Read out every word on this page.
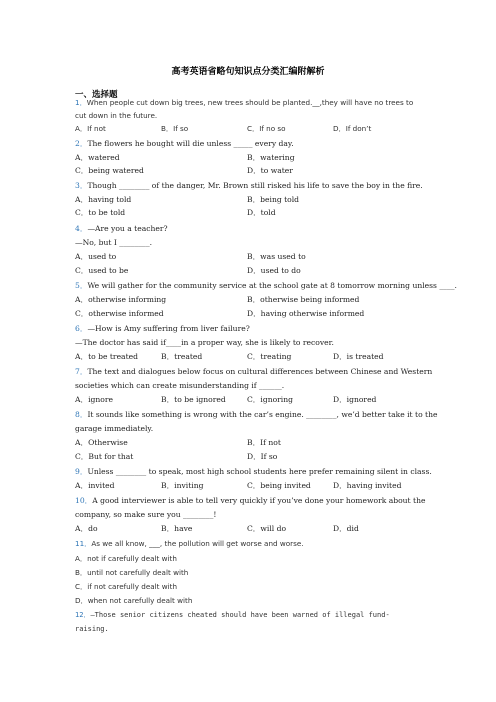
高考英语省略句知识点分类汇编附解析
一、选择题
1．When people cut down big trees, new trees should be planted.__,they will have no trees to
cut down in the future.
A．If not	B．If so	C．If no so	D．If don’t
2．The flowers he bought will die unless _____ every day.
A．watered	B．watering
C．being watered	D．to water
3．Though ________ of the danger, Mr. Brown still risked his life to save the boy in the fire.
A．having told	B．being told
C．to be told	D．told
4．—Are you a teacher?
—No, but I ________.
A．used to	B．was used to
C．used to be	D．used to do
5．We will gather for the community service at the school gate at 8 tomorrow morning unless ____.
A．otherwise informing	B．otherwise being informed
C．otherwise informed	D．having otherwise informed
6．—How is Amy suffering from liver failure?
—The doctor has said if____in a proper way, she is likely to recover.
A．to be treated	B．treated	C．treating	D．is treated
7．The text and dialogues below focus on cultural differences between Chinese and Western
societies which can create misunderstanding if ______.
A．ignore	B．to be ignored	C．ignoring	D．ignored
8．It sounds like something is wrong with the car’s engine. ________, we’d better take it to the
garage immediately.
A．Otherwise	B．If not
C．But for that	D．If so
9．Unless ________ to speak, most high school students here prefer remaining silent in class.
A．invited	B．inviting	C．being invited	D．having invited
10．A good interviewer is able to tell very quickly if you’ve done your homework about the
company, so make sure you ________!
A．do	B．have	C．will do	D．did
11．As we all know, ___, the pollution will get worse and worse.
A．not if carefully dealt with
B．until not carefully dealt with
C．if not carefully dealt with
D．when not carefully dealt with
12．—Those senior citizens cheated should have been warned of illegal fund-
raising.
